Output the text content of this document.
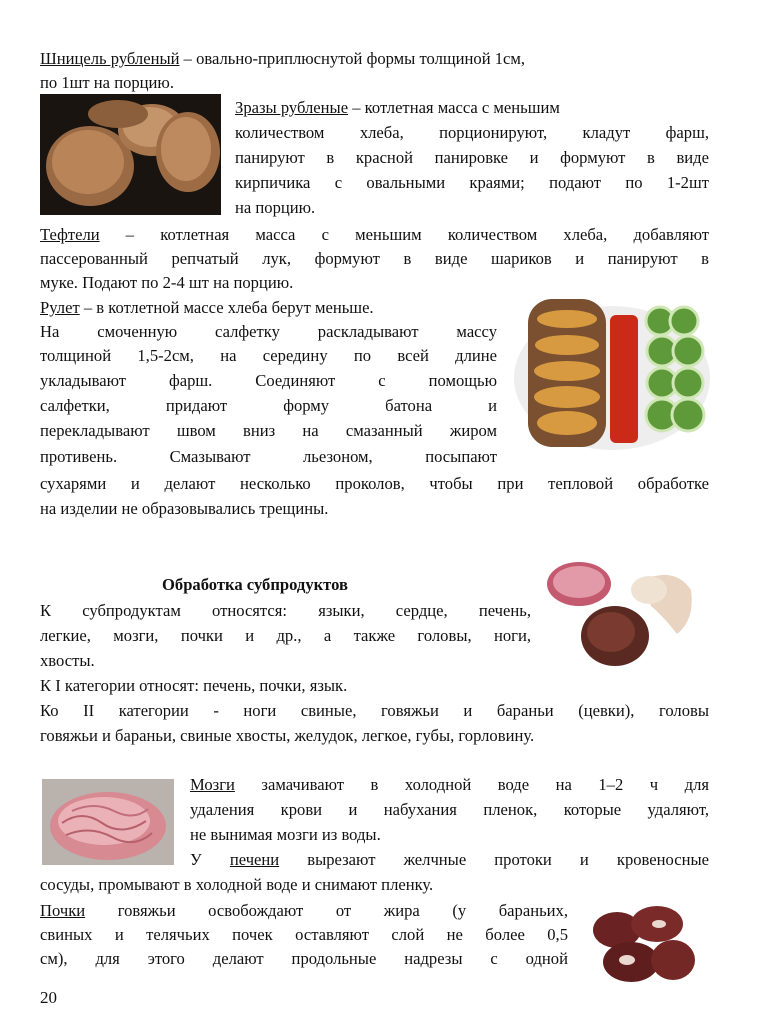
Шницель рубленый – овально-приплюснутой формы толщиной 1см,
по 1шт на порцию.
Зразы рубленые – котлетная масса с меньшим
количеством хлеба, порционируют, кладут фарш,
панируют в красной панировке и формуют в виде
кирпичика с овальными краями; подают по 1-2шт
на порцию.
Тефтели – котлетная масса с меньшим количеством хлеба, добавляют
пассерованный репчатый лук, формуют в виде шариков и панируют в
муке. Подают по 2-4 шт на порцию.
Рулет – в котлетной массе хлеба берут меньше.
На смоченную салфетку раскладывают массу
толщиной 1,5-2см, на середину по всей длине
укладывают фарш. Соединяют с помощью
салфетки, придают форму батона и
перекладывают швом вниз на смазанный жиром
противень. Смазывают льезоном, посыпают
сухарями и делают несколько проколов, чтобы при тепловой обработке
на изделии не образовывались трещины.
Обработка субпродуктов
К субпродуктам относятся: языки, сердце, печень,
легкие, мозги, почки и др., а также головы, ноги,
хвосты.
К I категории относят: печень, почки, язык.
Ко II категории - ноги свиные, говяжьи и бараньи (цевки), головы
говяжьи и бараньи, свиные хвосты, желудок, легкое, губы, горловину.
Мозги замачивают в холодной воде на 1–2 ч для
удаления крови и набухания пленок, которые удаляют,
не вынимая мозги из воды.
У печени вырезают желчные протоки и кровеносные
сосуды, промывают в холодной воде и снимают пленку.
Почки говяжьи освобождают от жира (у бараньих,
свиных и телячьих почек оставляют слой не более 0,5
см), для этого делают продольные надрезы с одной
20
